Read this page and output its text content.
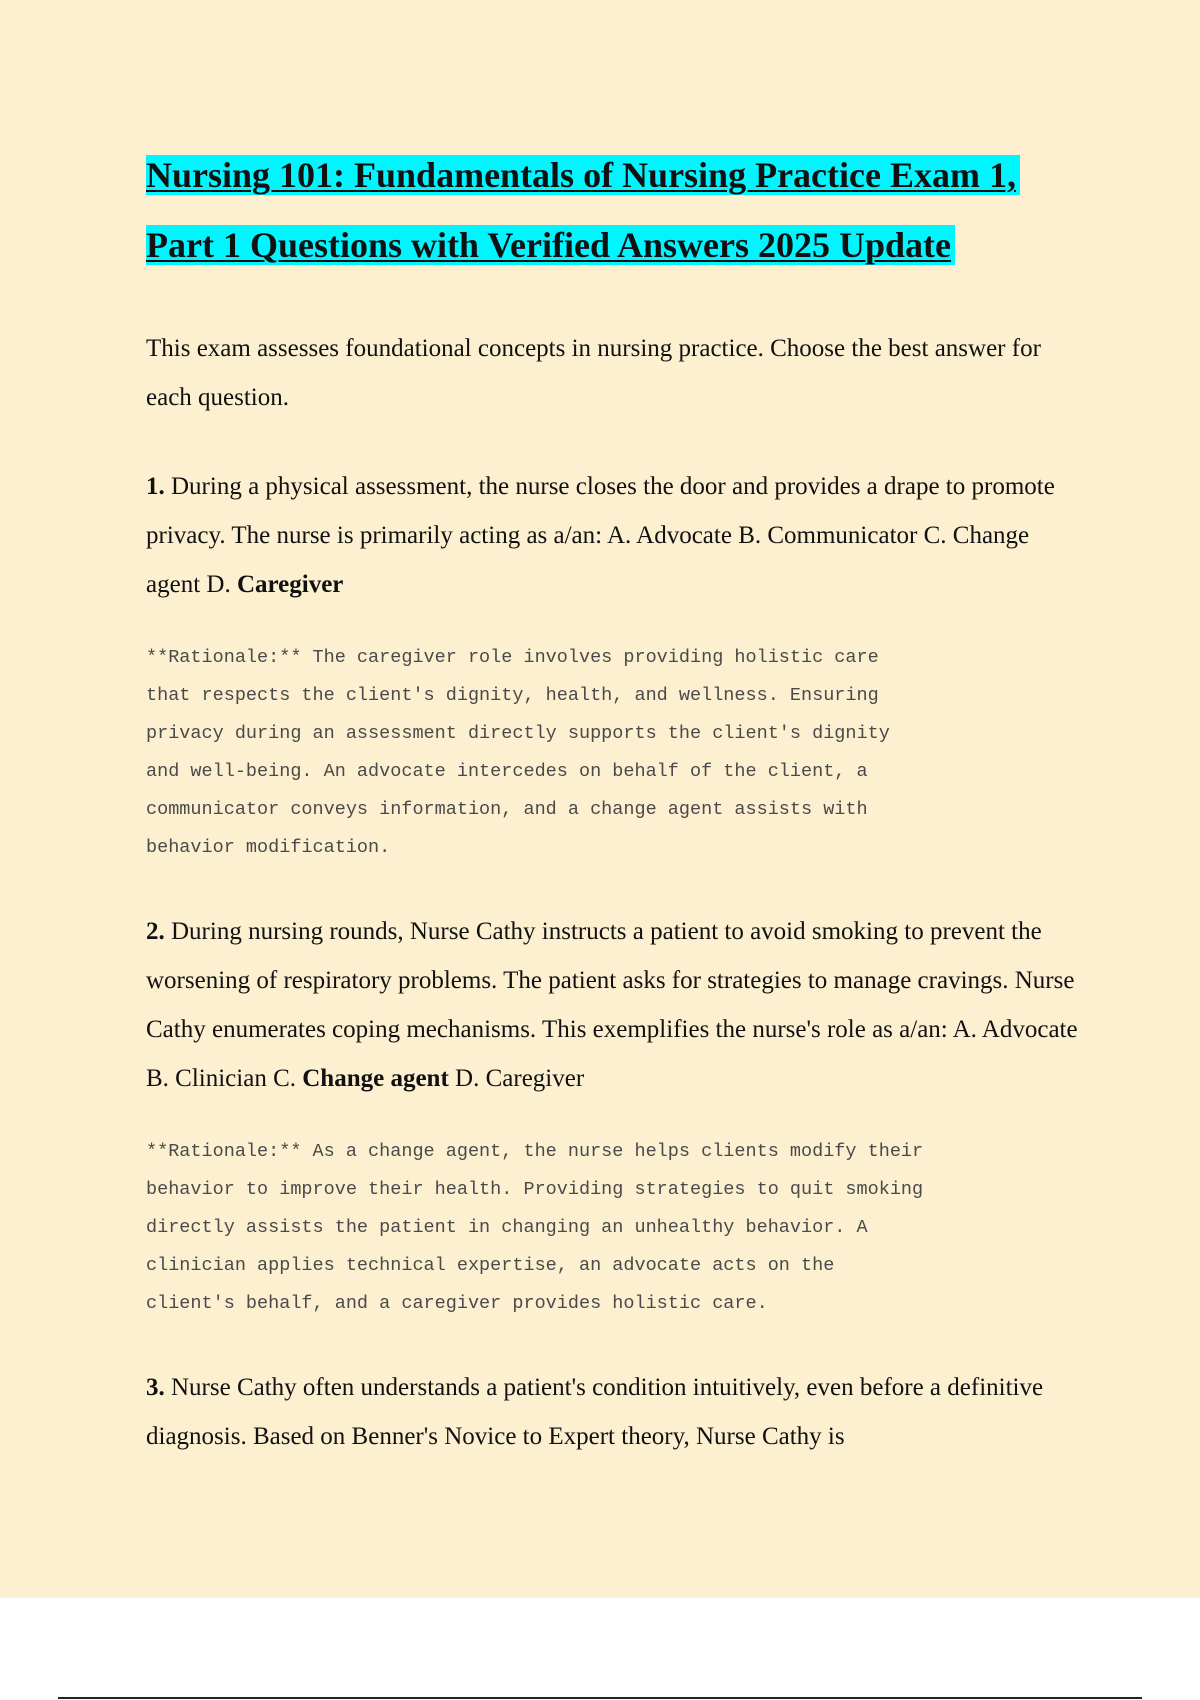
Nursing 101: Fundamentals of Nursing Practice Exam 1, Part 1 Questions with Verified Answers 2025 Update

This exam assesses foundational concepts in nursing practice. Choose the best answer for each question.

1. During a physical assessment, the nurse closes the door and provides a drape to promote privacy. The nurse is primarily acting as a/an: A. Advocate B. Communicator C. Change agent D. Caregiver

**Rationale:** The caregiver role involves providing holistic care
that respects the client's dignity, health, and wellness. Ensuring
privacy during an assessment directly supports the client's dignity
and well-being. An advocate intercedes on behalf of the client, a
communicator conveys information, and a change agent assists with
behavior modification.

2. During nursing rounds, Nurse Cathy instructs a patient to avoid smoking to prevent the worsening of respiratory problems. The patient asks for strategies to manage cravings. Nurse Cathy enumerates coping mechanisms. This exemplifies the nurse's role as a/an: A. Advocate B. Clinician C. Change agent D. Caregiver

**Rationale:** As a change agent, the nurse helps clients modify their
behavior to improve their health. Providing strategies to quit smoking
directly assists the patient in changing an unhealthy behavior. A
clinician applies technical expertise, an advocate acts on the
client's behalf, and a caregiver provides holistic care.

3. Nurse Cathy often understands a patient's condition intuitively, even before a definitive diagnosis. Based on Benner's Novice to Expert theory, Nurse Cathy is
